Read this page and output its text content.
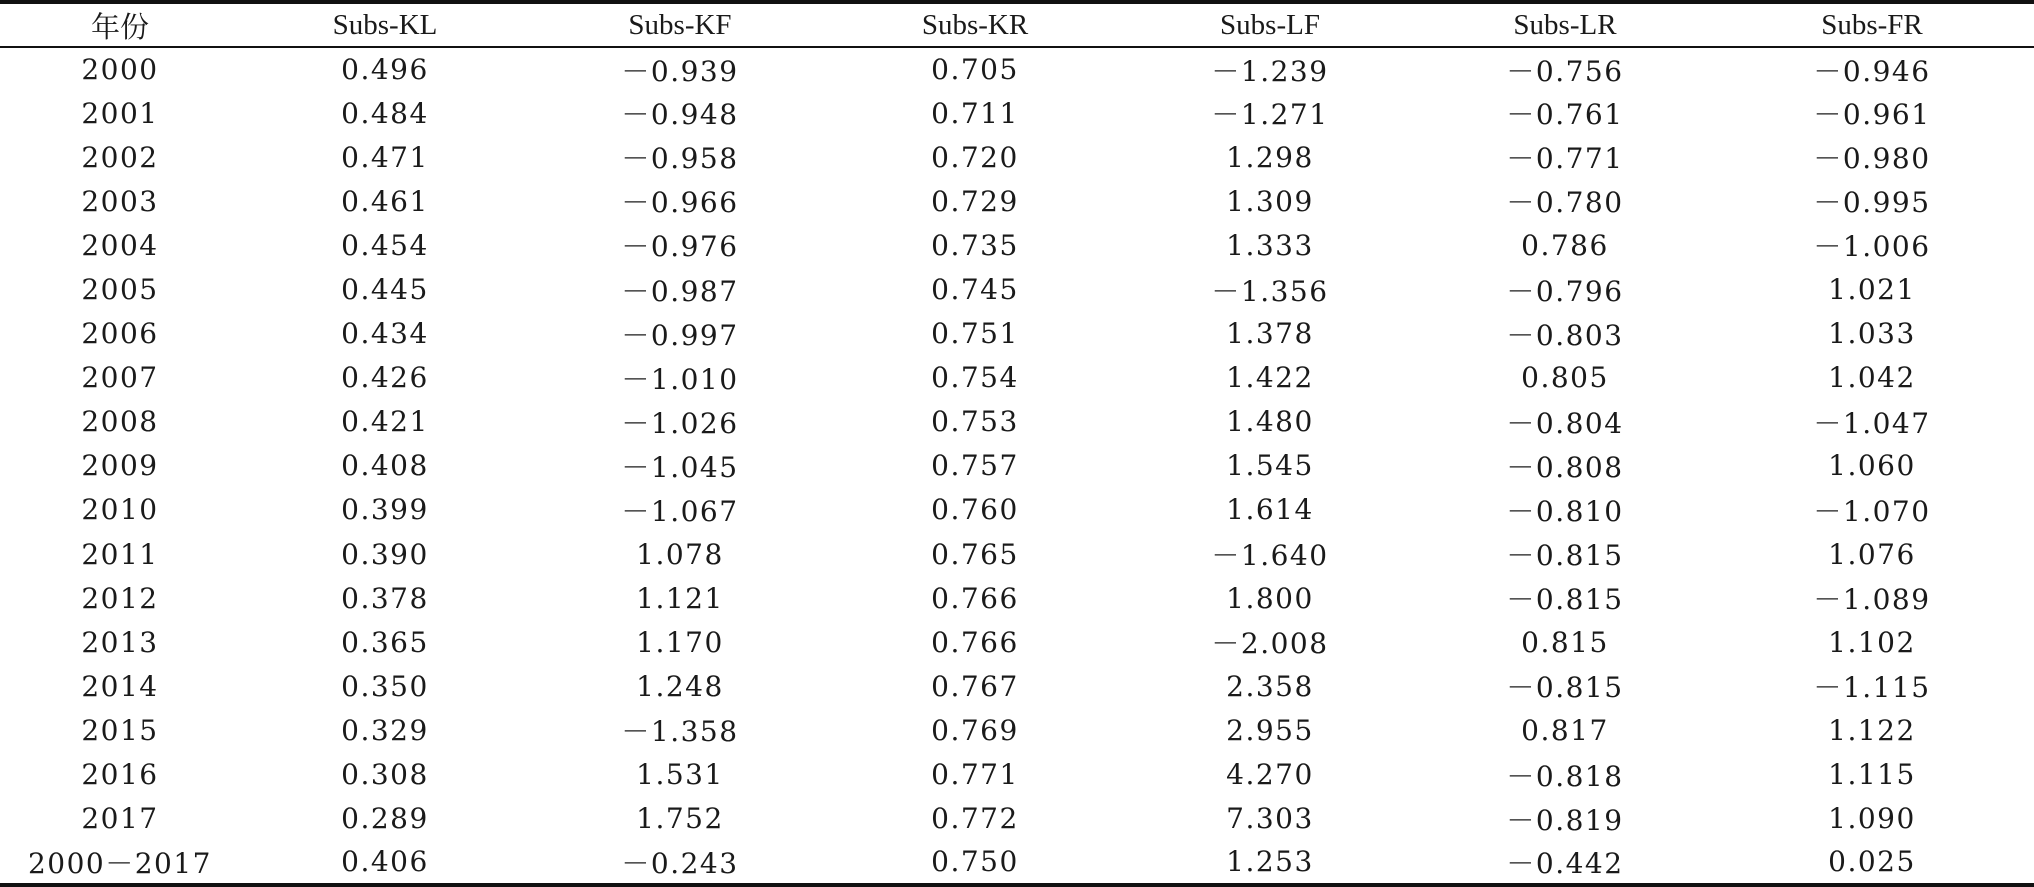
年份	Subs-KL	Subs-KF	Subs-KR	Subs-LF	Subs-LR	Subs-FR
2000	0.496	－0.939	0.705	－1.239	－0.756	－0.946
2001	0.484	－0.948	0.711	－1.271	－0.761	－0.961
2002	0.471	－0.958	0.720	1.298	－0.771	－0.980
2003	0.461	－0.966	0.729	1.309	－0.780	－0.995
2004	0.454	－0.976	0.735	1.333	0.786	－1.006
2005	0.445	－0.987	0.745	－1.356	－0.796	1.021
2006	0.434	－0.997	0.751	1.378	－0.803	1.033
2007	0.426	－1.010	0.754	1.422	0.805	1.042
2008	0.421	－1.026	0.753	1.480	－0.804	－1.047
2009	0.408	－1.045	0.757	1.545	－0.808	1.060
2010	0.399	－1.067	0.760	1.614	－0.810	－1.070
2011	0.390	1.078	0.765	－1.640	－0.815	1.076
2012	0.378	1.121	0.766	1.800	－0.815	－1.089
2013	0.365	1.170	0.766	－2.008	0.815	1.102
2014	0.350	1.248	0.767	2.358	－0.815	－1.115
2015	0.329	－1.358	0.769	2.955	0.817	1.122
2016	0.308	1.531	0.771	4.270	－0.818	1.115
2017	0.289	1.752	0.772	7.303	－0.819	1.090
2000－2017	0.406	－0.243	0.750	1.253	－0.442	0.025
